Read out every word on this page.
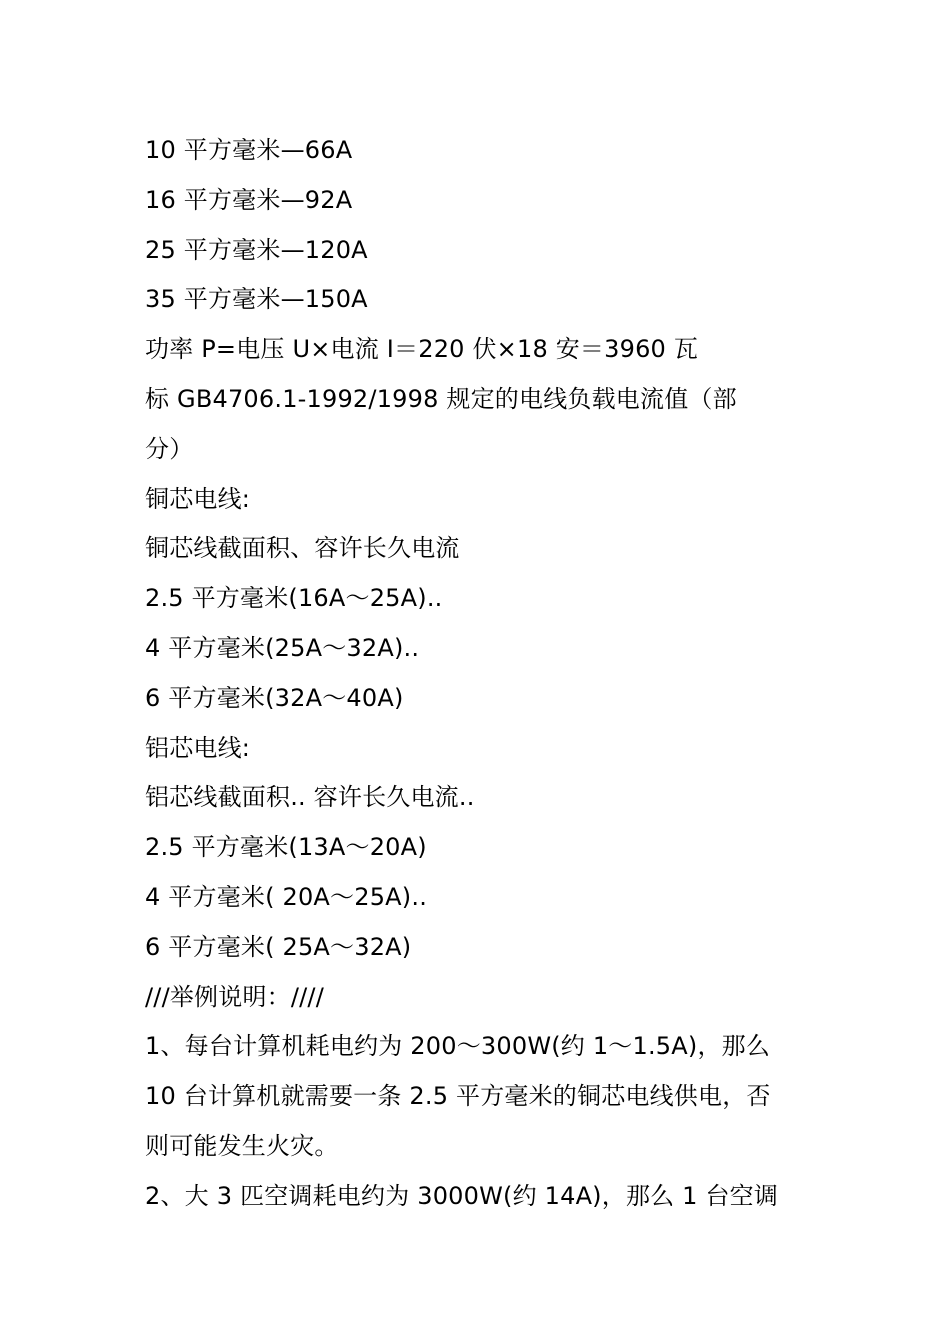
10 平方毫米—66A
16 平方毫米—92A
25 平方毫米—120A
35 平方毫米—150A
功率 P=电压 U×电流 I＝220 伏×18 安＝3960 瓦
标 GB4706.1-1992/1998 规定的电线负载电流值（部
分）
铜芯电线:
铜芯线截面积、容许长久电流
2.5 平方毫米(16A～25A)..
4 平方毫米(25A～32A)..
6 平方毫米(32A～40A)
铝芯电线:
铝芯线截面积.. 容许长久电流..
2.5 平方毫米(13A～20A)
4 平方毫米( 20A～25A)..
6 平方毫米( 25A～32A)
///举例说明：////
1、每台计算机耗电约为 200～300W(约 1～1.5A)，那么
10 台计算机就需要一条 2.5 平方毫米的铜芯电线供电，否
则可能发生火灾。
2、大 3 匹空调耗电约为 3000W(约 14A)，那么 1 台空调
